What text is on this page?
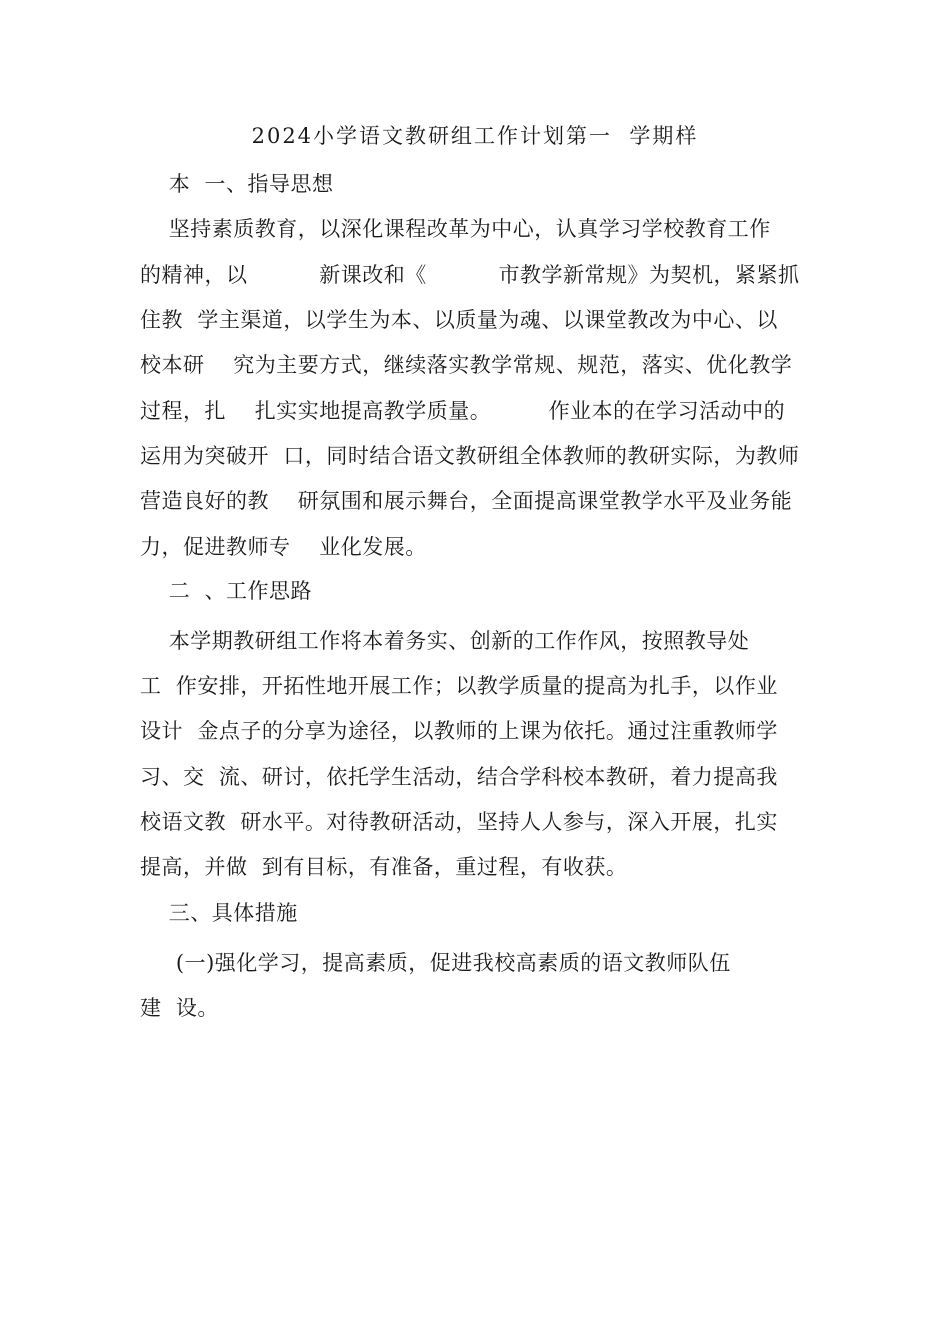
2024小学语文教研组工作计划第一  学期样
本  一、指导思想
坚持素质教育，以深化课程改革为中心，认真学习学校教育工作
的精神，以          新课改和《          市教学新常规》为契机，紧紧抓
住教  学主渠道，以学生为本、以质量为魂、以课堂教改为中心、以
校本研    究为主要方式，继续落实教学常规、规范，落实、优化教学
过程，扎    扎实实地提高教学质量。        作业本的在学习活动中的
运用为突破开  口，同时结合语文教研组全体教师的教研实际，为教师
营造良好的教    研氛围和展示舞台，全面提高课堂教学水平及业务能
力，促进教师专    业化发展。
二  、工作思路
本学期教研组工作将本着务实、创新的工作作风，按照教导处
工  作安排，开拓性地开展工作；以教学质量的提高为扎手，以作业
设计  金点子的分享为途径，以教师的上课为依托。通过注重教师学
习、交  流、研讨，依托学生活动，结合学科校本教研，着力提高我
校语文教  研水平。对待教研活动，坚持人人参与，深入开展，扎实
提高，并做  到有目标，有准备，重过程，有收获。
三、具体措施
(一)强化学习，提高素质，促进我校高素质的语文教师队伍
建  设。
